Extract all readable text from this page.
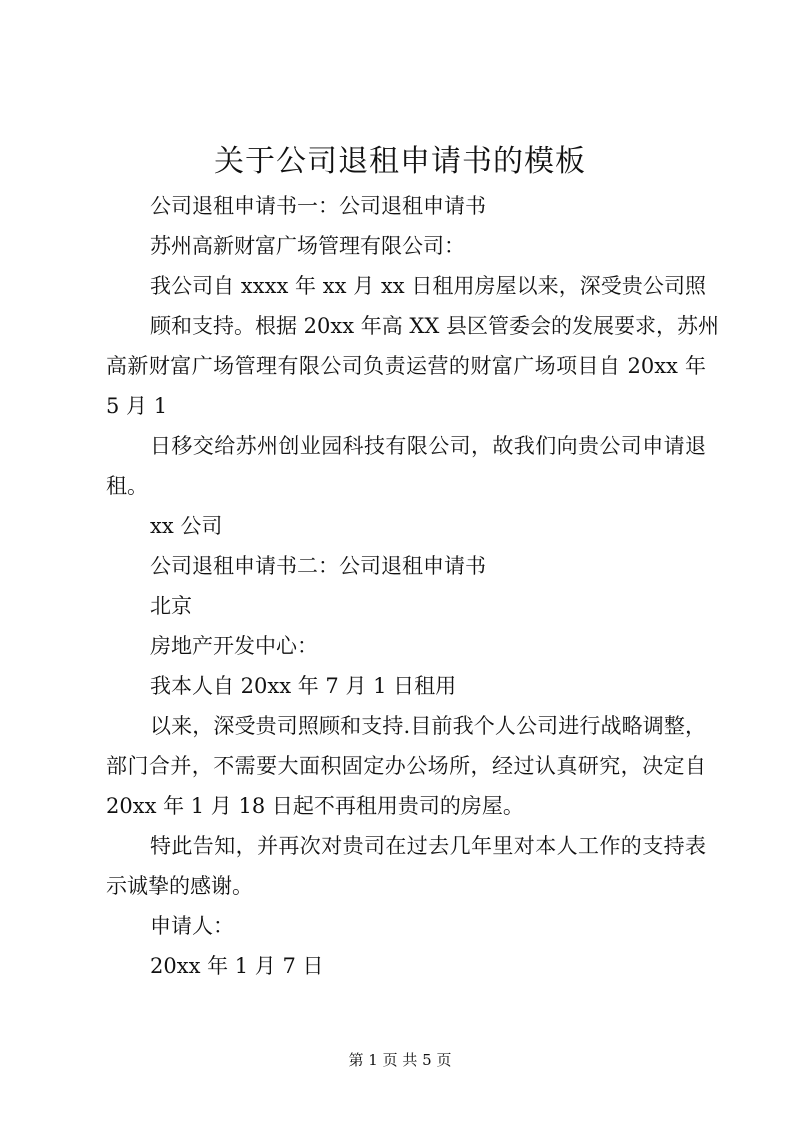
关于公司退租申请书的模板
公司退租申请书一：公司退租申请书
苏州高新财富广场管理有限公司：
我公司自 xxxx 年 xx 月 xx 日租用房屋以来，深受贵公司照
顾和支持。根据 20xx 年高 XX 县区管委会的发展要求，苏州
高新财富广场管理有限公司负责运营的财富广场项目自 20xx 年
5 月 1
日移交给苏州创业园科技有限公司，故我们向贵公司申请退
租。
xx 公司
公司退租申请书二：公司退租申请书
北京
房地产开发中心：
我本人自 20xx 年 7 月 1 日租用
以来，深受贵司照顾和支持.目前我个人公司进行战略调整，
部门合并，不需要大面积固定办公场所，经过认真研究，决定自
20xx 年 1 月 18 日起不再租用贵司的房屋。
特此告知，并再次对贵司在过去几年里对本人工作的支持表
示诚挚的感谢。
申请人：
20xx 年 1 月 7 日
第 1 页 共 5 页
